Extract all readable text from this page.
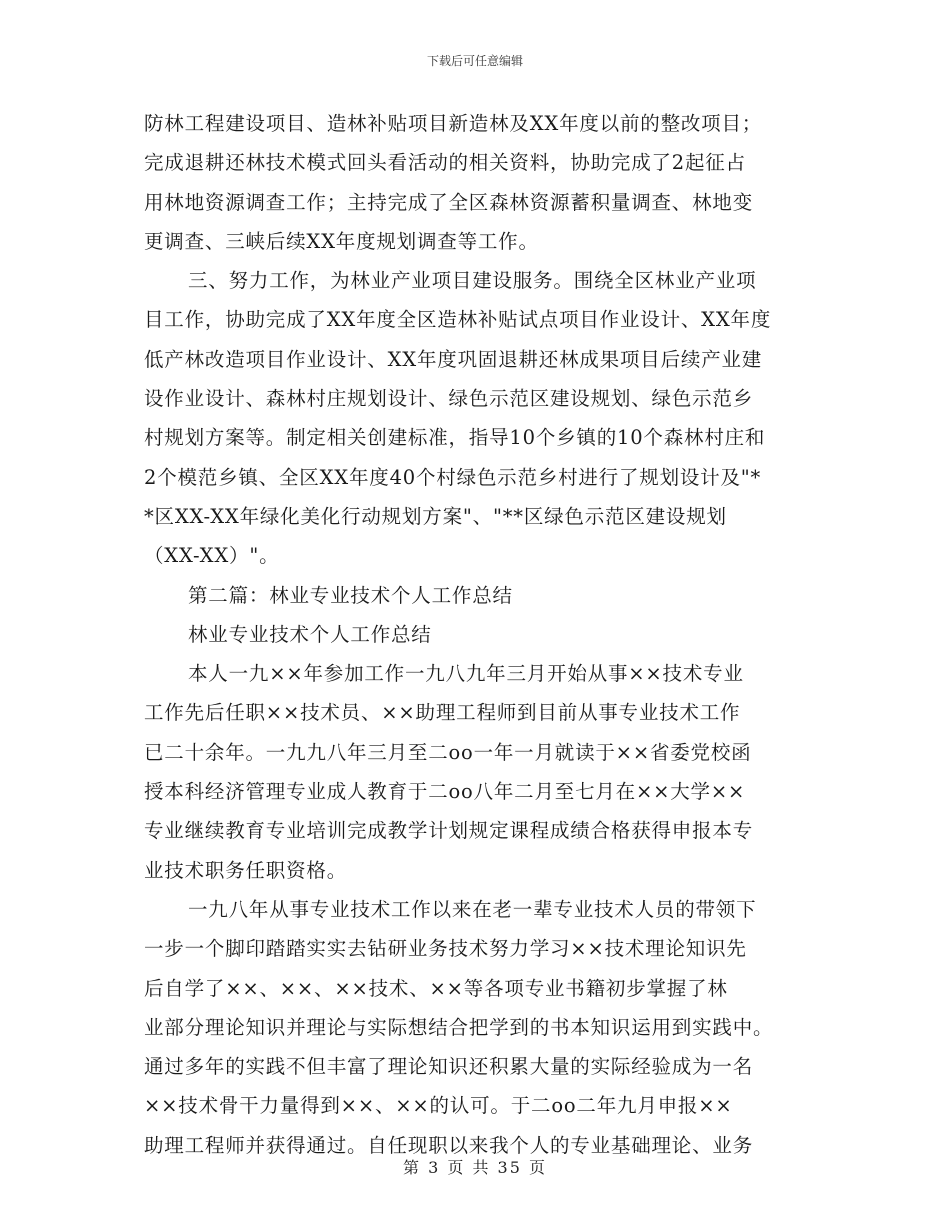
下载后可任意编辑
防林工程建设项目、造林补贴项目新造林及XX年度以前的整改项目；
完成退耕还林技术模式回头看活动的相关资料，协助完成了2起征占
用林地资源调查工作；主持完成了全区森林资源蓄积量调查、林地变
更调查、三峡后续XX年度规划调查等工作。
三、努力工作，为林业产业项目建设服务。围绕全区林业产业项
目工作，协助完成了XX年度全区造林补贴试点项目作业设计、XX年度
低产林改造项目作业设计、XX年度巩固退耕还林成果项目后续产业建
设作业设计、森林村庄规划设计、绿色示范区建设规划、绿色示范乡
村规划方案等。制定相关创建标准，指导10个乡镇的10个森林村庄和
2个模范乡镇、全区XX年度40个村绿色示范乡村进行了规划设计及"*
*区XX-XX年绿化美化行动规划方案"、"**区绿色示范区建设规划
（XX-XX）"。
第二篇：林业专业技术个人工作总结
林业专业技术个人工作总结
本人一九××年参加工作一九八九年三月开始从事××技术专业
工作先后任职××技术员、××助理工程师到目前从事专业技术工作
已二十余年。一九九八年三月至二oo一年一月就读于××省委党校函
授本科经济管理专业成人教育于二oo八年二月至七月在××大学××
专业继续教育专业培训完成教学计划规定课程成绩合格获得申报本专
业技术职务任职资格。
一九八年从事专业技术工作以来在老一辈专业技术人员的带领下
一步一个脚印踏踏实实去钻研业务技术努力学习××技术理论知识先
后自学了××、××、××技术、××等各项专业书籍初步掌握了林
业部分理论知识并理论与实际想结合把学到的书本知识运用到实践中。
通过多年的实践不但丰富了理论知识还积累大量的实际经验成为一名
××技术骨干力量得到××、××的认可。于二oo二年九月申报××
助理工程师并获得通过。自任现职以来我个人的专业基础理论、业务
第 3 页 共 35 页
